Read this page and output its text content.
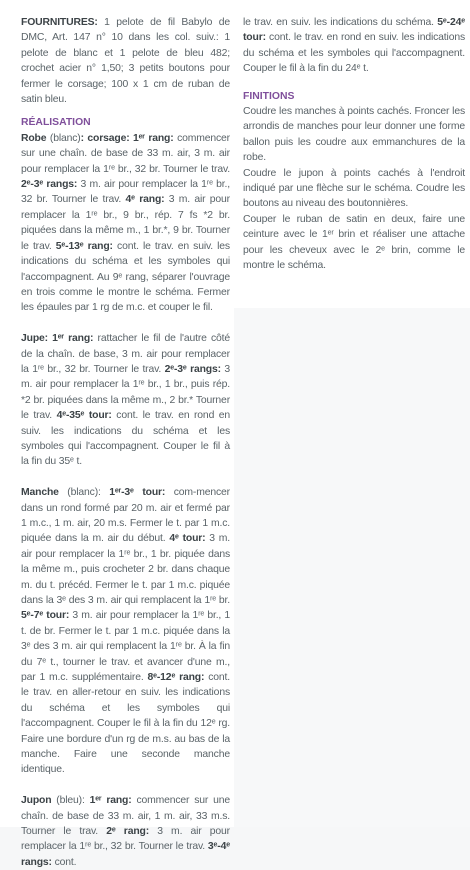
FOURNITURES: 1 pelote de fil Babylo de DMC, Art. 147 n° 10 dans les col. suiv.: 1 pelote de blanc et 1 pelote de bleu 482; crochet acier n° 1,50; 3 petits boutons pour fermer le corsage; 100 x 1 cm de ruban de satin bleu.

RÉALISATION

Robe (blanc): corsage: 1ᵉʳ rang: commencer sur une chaîn. de base de 33 m. air, 3 m. air pour remplacer la 1ʳᵉ br., 32 br. Tourner le trav. 2ᵉ-3ᵉ rangs: 3 m. air pour remplacer la 1ʳᵉ br., 32 br. Tourner le trav. 4ᵉ rang: 3 m. air pour remplacer la 1ʳᵉ br., 9 br., rép. 7 fs *2 br. piquées dans la même m., 1 br.*, 9 br. Tourner le trav. 5ᵉ-13ᵉ rang: cont. le trav. en suiv. les indications du schéma et les symboles qui l'accompagnent. Au 9ᵉ rang, séparer l'ouvrage en trois comme le montre le schéma. Fermer les épaules par 1 rg de m.c. et couper le fil.

Jupe: 1ᵉʳ rang: rattacher le fil de l'autre côté de la chaîn. de base, 3 m. air pour remplacer la 1ʳᵉ br., 32 br. Tourner le trav. 2ᵉ-3ᵉ rangs: 3 m. air pour remplacer la 1ʳᵉ br., 1 br., puis rép. *2 br. piquées dans la même m., 2 br.* Tourner le trav. 4ᵉ-35ᵉ tour: cont. le trav. en rond en suiv. les indications du schéma et les symboles qui l'accompagnent. Couper le fil à la fin du 35ᵉ t.

Manche (blanc): 1ᵉʳ-3ᵉ tour: com-mencer dans un rond formé par 20 m. air et fermé par 1 m.c., 1 m. air, 20 m.s. Fermer le t. par 1 m.c. piquée dans la m. air du début. 4ᵉ tour: 3 m. air pour remplacer la 1ʳᵉ br., 1 br. piquée dans la même m., puis crocheter 2 br. dans chaque m. du t. précéd. Fermer le t. par 1 m.c. piquée dans la 3ᵉ des 3 m. air qui remplacent la 1ʳᵉ br. 5ᵉ-7ᵉ tour: 3 m. air pour remplacer la 1ʳᵉ br., 1 t. de br. Fermer le t. par 1 m.c. piquée dans la 3ᵉ des 3 m. air qui remplacent la 1ʳᵉ br. À la fin du 7ᵉ t., tourner le trav. et avancer d'une m., par 1 m.c. supplémentaire. 8ᵉ-12ᵉ rang: cont. le trav. en aller-retour en suiv. les indications du schéma et les symboles qui l'accompagnent. Couper le fil à la fin du 12ᵉ rg. Faire une bordure d'un rg de m.s. au bas de la manche. Faire une seconde manche identique.

Jupon (bleu): 1ᵉʳ rang: commencer sur une chaîn. de base de 33 m. air, 1 m. air, 33 m.s. Tourner le trav. 2ᵉ rang: 3 m. air pour remplacer la 1ʳᵉ br., 32 br. Tourner le trav. 3ᵉ-4ᵉ rangs: cont.

le trav. en suiv. les indications du schéma. 5ᵉ-24ᵉ tour: cont. le trav. en rond en suiv. les indications du schéma et les symboles qui l'accompagnent. Couper le fil à la fin du 24ᵉ t.

FINITIONS

Coudre les manches à points cachés. Froncer les arrondis de manches pour leur donner une forme ballon puis les coudre aux emmanchures de la robe.

Coudre le jupon à points cachés à l'endroit indiqué par une flèche sur le schéma. Coudre les boutons au niveau des boutonnières.

Couper le ruban de satin en deux, faire une ceinture avec le 1ᵉʳ brin et réaliser une attache pour les cheveux avec le 2ᵉ brin, comme le montre le schéma.
